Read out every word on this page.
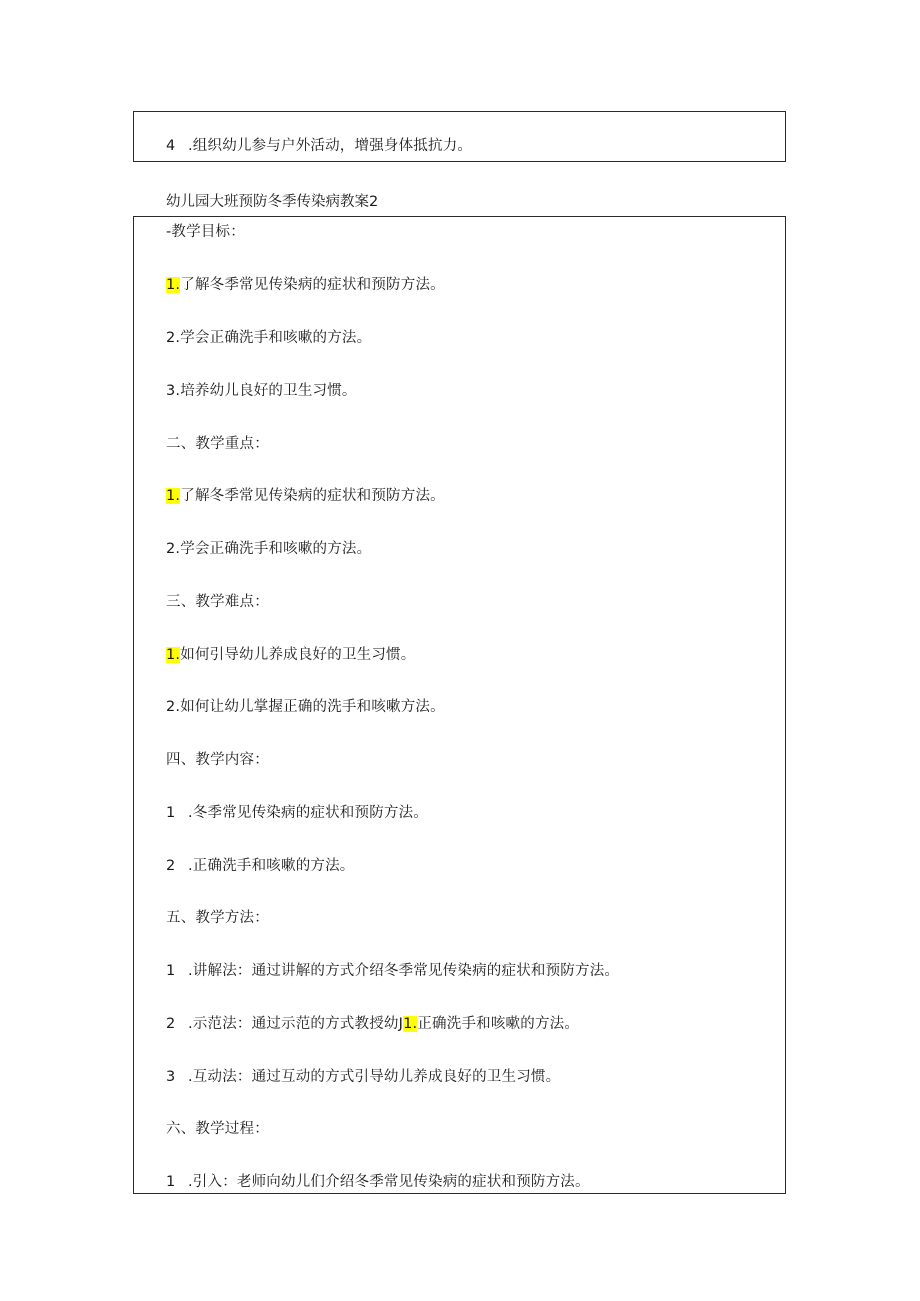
4 .组织幼儿参与户外活动，增强身体抵抗力。
幼儿园大班预防冬季传染病教案2
-教学目标：
1.了解冬季常见传染病的症状和预防方法。
2.学会正确洗手和咳嗽的方法。
3.培养幼儿良好的卫生习惯。
二、教学重点：
1.了解冬季常见传染病的症状和预防方法。
2.学会正确洗手和咳嗽的方法。
三、教学难点：
1.如何引导幼儿养成良好的卫生习惯。
2.如何让幼儿掌握正确的洗手和咳嗽方法。
四、教学内容：
1 .冬季常见传染病的症状和预防方法。
2 .正确洗手和咳嗽的方法。
五、教学方法：
1 .讲解法：通过讲解的方式介绍冬季常见传染病的症状和预防方法。
2 .示范法：通过示范的方式教授幼J1.正确洗手和咳嗽的方法。
3 .互动法：通过互动的方式引导幼儿养成良好的卫生习惯。
六、教学过程：
1 .引入：老师向幼儿们介绍冬季常见传染病的症状和预防方法。
